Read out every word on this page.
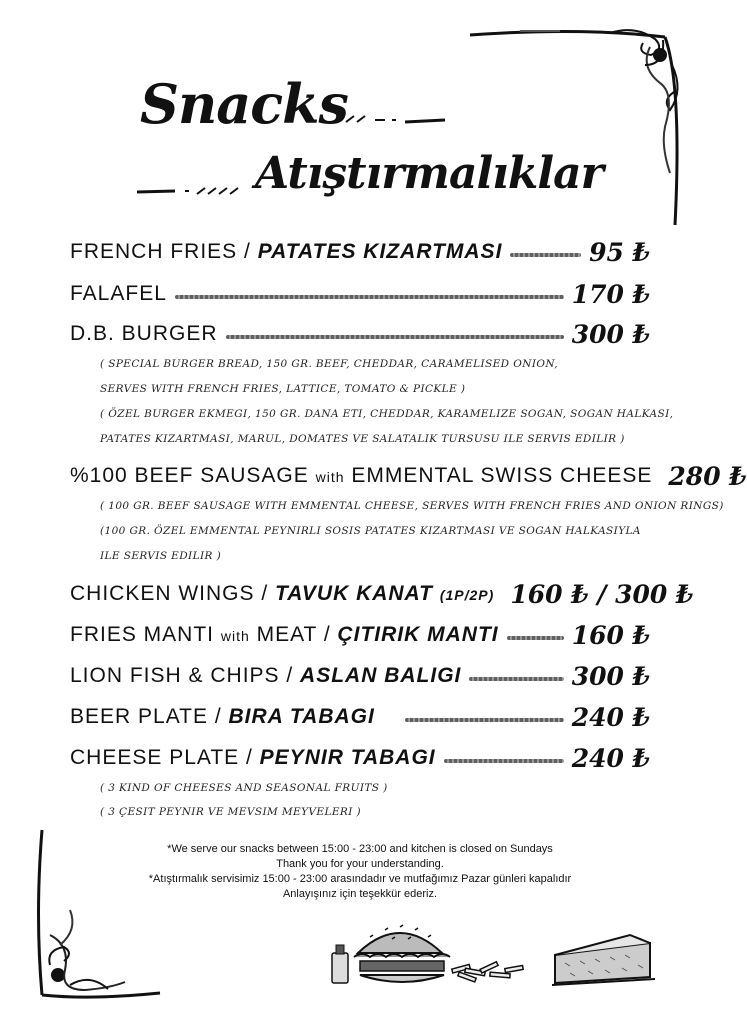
Snacks
Atıştırmalıklar
FRENCH FRIES / PATATES KIZARTMASI	95 ₺
FALAFEL	170 ₺
D.B. BURGER	300 ₺
( SPECIAL BURGER BREAD, 150 GR. BEEF, CHEDDAR, CARAMELISED ONION,
SERVES WITH FRENCH FRIES, LATTICE, TOMATO & PICKLE )
( ÖZEL BURGER EKMEGI, 150 GR. DANA ETI, CHEDDAR, KARAMELIZE SOGAN, SOGAN HALKASI,
PATATES KIZARTMASI, MARUL, DOMATES VE SALATALIK TURSUSU ILE SERVIS EDILIR )
%100 BEEF SAUSAGE with EMMENTAL SWISS CHEESE 280 ₺
( 100 GR. BEEF SAUSAGE WITH EMMENTAL CHEESE, SERVES WITH FRENCH FRIES AND ONION RINGS)
(100 GR. ÖZEL EMMENTAL PEYNIRLI SOSIS PATATES KIZARTMASI VE SOGAN HALKASIYLA
ILE SERVIS EDILIR )
CHICKEN WINGS / TAVUK KANAT (1P/2P) 160 ₺ / 300 ₺
FRIES MANTI with MEAT / ÇITIRIK MANTI	160 ₺
LION FISH & CHIPS / ASLAN BALIGI	300 ₺
BEER PLATE / BIRA TABAGI	240 ₺
CHEESE PLATE / PEYNIR TABAGI	240 ₺
( 3 KIND OF CHEESES AND SEASONAL FRUITS )
( 3 ÇESIT PEYNIR VE MEVSIM MEYVELERI )
*We serve our snacks between 15:00 - 23:00 and kitchen is closed on Sundays
Thank you for your understanding.
*Atıştırmalık servisimiz 15:00 - 23:00 arasındadır ve mutfağımız Pazar günleri kapalıdır
Anlayışınız için teşekkür ederiz.
